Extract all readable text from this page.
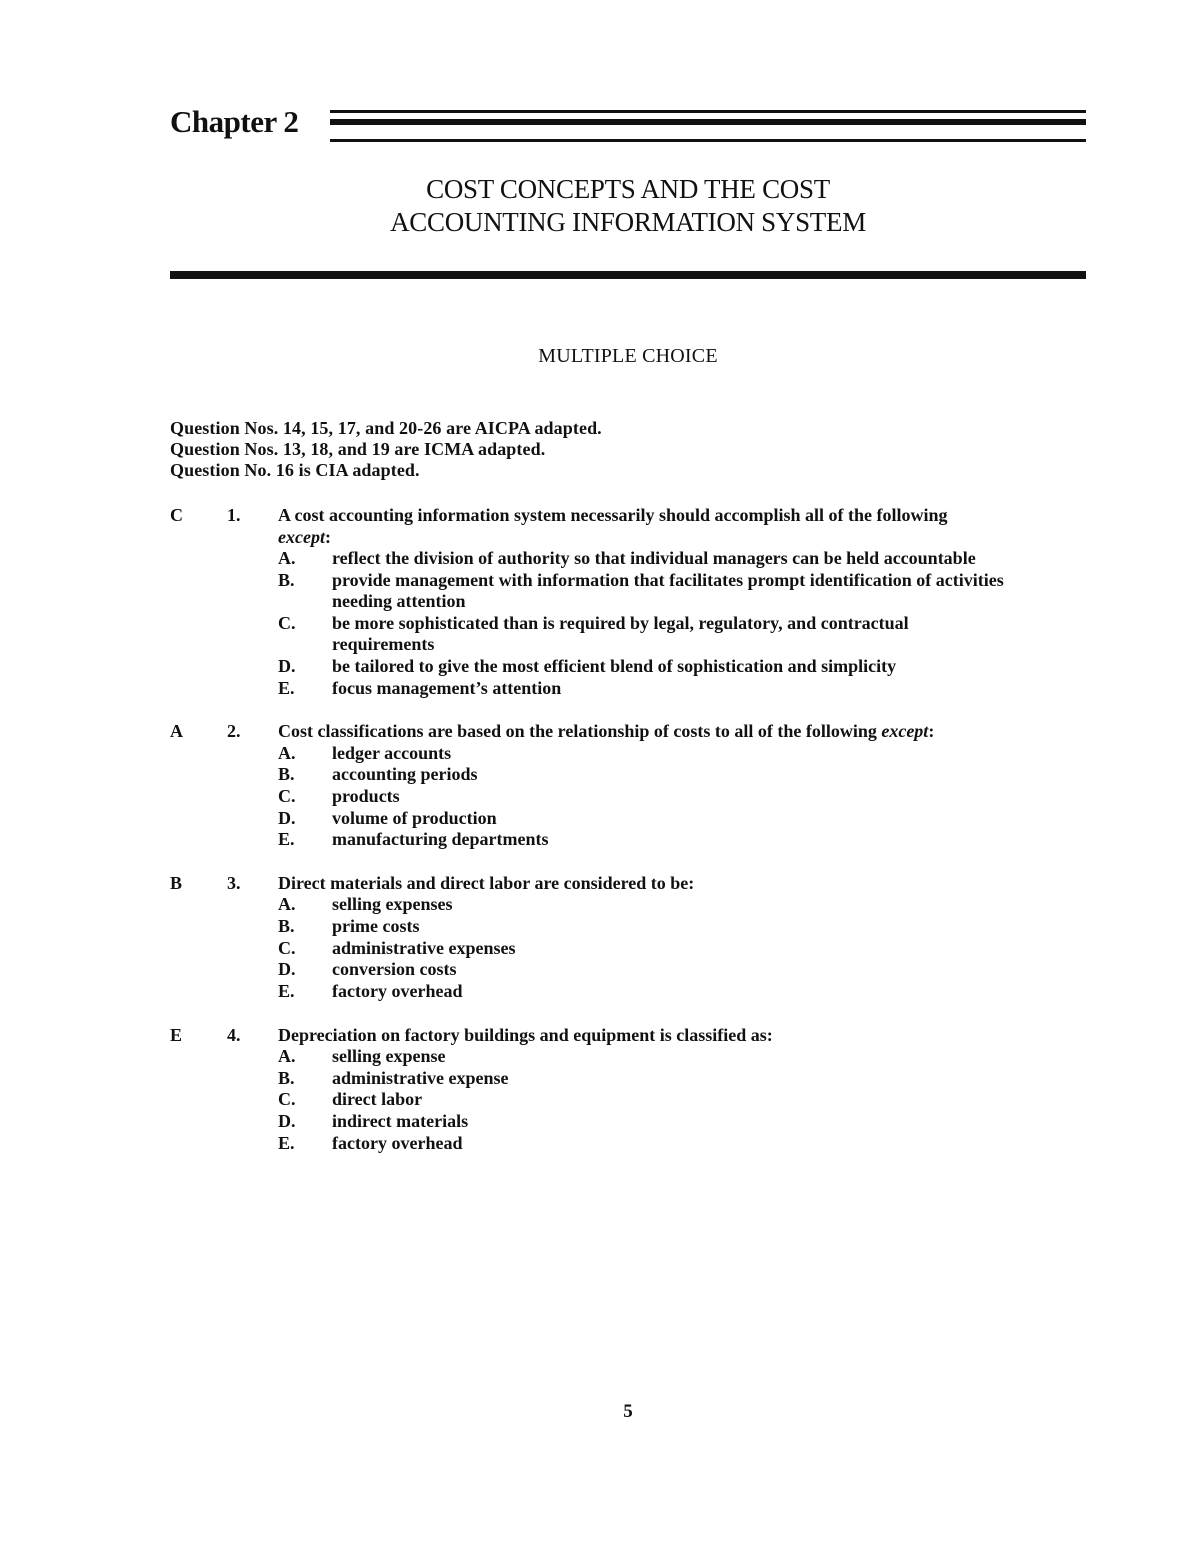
Chapter 2
COST CONCEPTS AND THE COST
ACCOUNTING INFORMATION SYSTEM
MULTIPLE CHOICE
Question Nos. 14, 15, 17, and 20-26 are AICPA adapted.
Question Nos. 13, 18, and 19 are ICMA adapted.
Question No. 16 is CIA adapted.
C 1. A cost accounting information system necessarily should accomplish all of the following
except:
A. reflect the division of authority so that individual managers can be held accountable
B. provide management with information that facilitates prompt identification of activities
needing attention
C. be more sophisticated than is required by legal, regulatory, and contractual
requirements
D. be tailored to give the most efficient blend of sophistication and simplicity
E. focus management’s attention
A 2. Cost classifications are based on the relationship of costs to all of the following except:
A. ledger accounts
B. accounting periods
C. products
D. volume of production
E. manufacturing departments
B 3. Direct materials and direct labor are considered to be:
A. selling expenses
B. prime costs
C. administrative expenses
D. conversion costs
E. factory overhead
E 4. Depreciation on factory buildings and equipment is classified as:
A. selling expense
B. administrative expense
C. direct labor
D. indirect materials
E. factory overhead
5
